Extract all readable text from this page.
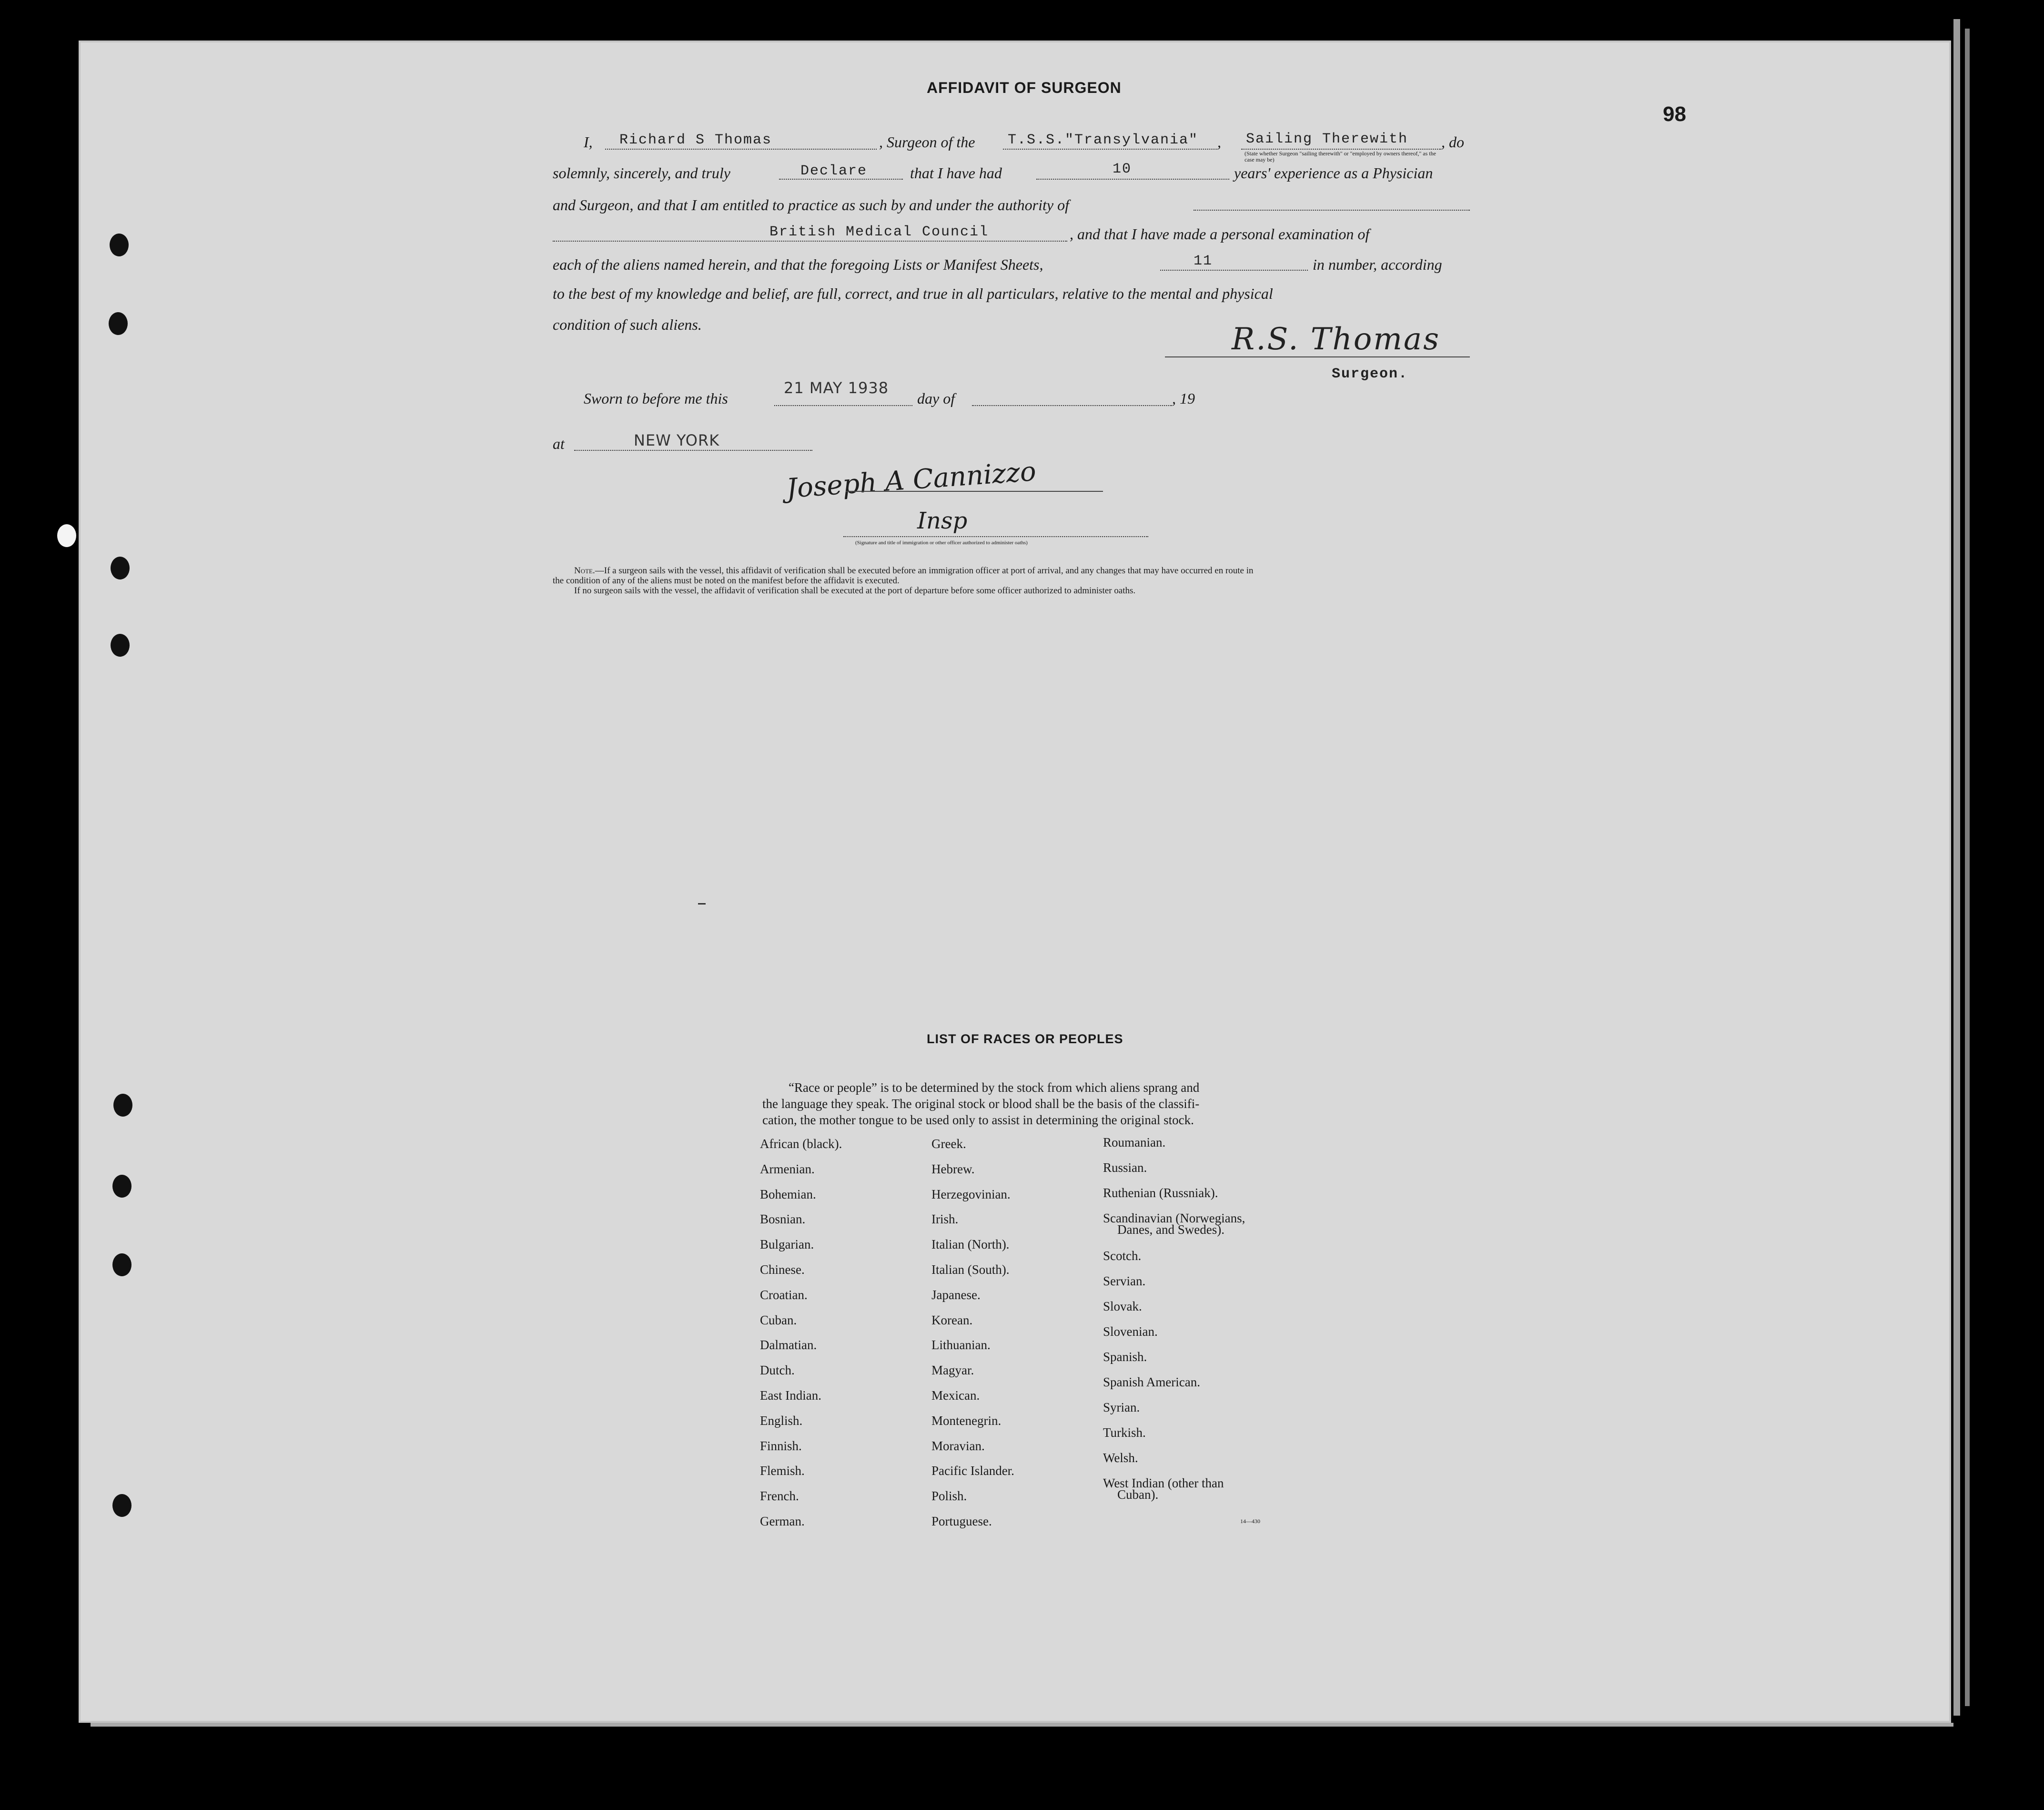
98
AFFIDAVIT OF SURGEON
I, Richard S Thomas	, Surgeon of the T.S.S."Transylvania" , Sailing Therewith
(State whether Surgeon "sailing therewith" or "employed by owners thereof," as the case may be)
, do
solemnly, sincerely, and truly	Declare	that I have had	10	years' experience as a Physician
and Surgeon, and that I am entitled to practice as such by and under the authority of
British Medical Council	, and that I have made a personal examination of
each of the aliens named herein, and that the foregoing Lists or Manifest Sheets,	11	in number, according
to the best of my knowledge and belief, are full, correct, and true in all particulars, relative to the mental and physical
condition of such aliens.	R.S. Thomas
Surgeon.
Sworn to before me this
21 MAY 1938
day of	, 19
at	NEW YORK
Joseph A Cannizzo
Insp
(Signature and title of immigration or other officer authorized to administer oaths)
Note.—If a surgeon sails with the vessel, this affidavit of verification shall be executed before an immigration officer at port of arrival, and any changes that may have occurred en route in
the condition of any of the aliens must be noted on the manifest before the affidavit is executed.
If no surgeon sails with the vessel, the affidavit of verification shall be executed at the port of departure before some officer authorized to administer oaths.
LIST OF RACES OR PEOPLES
“Race or people” is to be determined by the stock from which aliens sprang and
the language they speak. The original stock or blood shall be the basis of the classifi-
cation, the mother tongue to be used only to assist in determining the original stock.
African (black).
Armenian.
Bohemian.
Bosnian.
Bulgarian.
Chinese.
Croatian.
Cuban.
Dalmatian.
Dutch.
East Indian.
English.
Finnish.
Flemish.
French.
German.
Greek.
Hebrew.
Herzegovinian.
Irish.
Italian (North).
Italian (South).
Japanese.
Korean.
Lithuanian.
Magyar.
Mexican.
Montenegrin.
Moravian.
Pacific Islander.
Polish.
Portuguese.
Roumanian.
Russian.
Ruthenian (Russniak).
Scandinavian (Norwegians,
Danes, and Swedes).
Scotch.
Servian.
Slovak.
Slovenian.
Spanish.
Spanish American.
Syrian.
Turkish.
Welsh.
West Indian (other than
Cuban).
14—430
